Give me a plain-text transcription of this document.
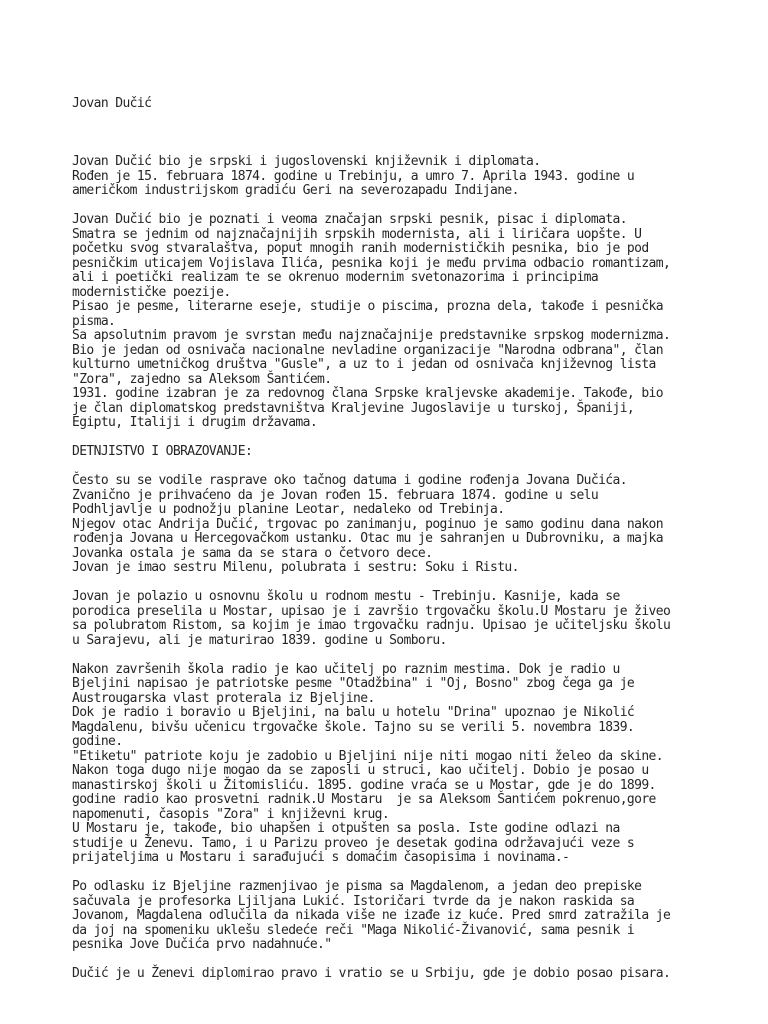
Jovan Dučić

Jovan Dučić bio je srpski i jugoslovenski književnik i diplomata.
Rođen je 15. februara 1874. godine u Trebinju, a umro 7. Aprila 1943. godine u
američkom industrijskom gradiću Geri na severozapadu Indijane.
Jovan Dučić bio je poznati i veoma značajan srpski pesnik, pisac i diplomata.
Smatra se jednim od najznačajnijih srpskih modernista, ali i liričara uopšte. U
početku svog stvaralaštva, poput mnogih ranih modernističkih pesnika, bio je pod
pesničkim uticajem Vojislava Ilića, pesnika koji je među prvima odbacio romantizam,
ali i poetički realizam te se okrenuo modernim svetonazorima i principima
modernističke poezije.
Pisao je pesme, literarne eseje, studije o piscima, prozna dela, takođe i pesnička
pisma.
Sa apsolutnim pravom je svrstan među najznačajnije predstavnike srpskog modernizma.
Bio je jedan od osnivača nacionalne nevladine organizacije "Narodna odbrana", član
kulturno umetničkog društva "Gusle", a uz to i jedan od osnivača književnog lista
"Zora", zajedno sa Aleksom Šantićem.
1931. godine izabran je za redovnog člana Srpske kraljevske akademije. Takođe, bio
je član diplomatskog predstavništva Kraljevine Jugoslavije u turskoj, Španiji,
Egiptu, Italiji i drugim državama.
DETNJISTVO I OBRAZOVANJE:
Često su se vodile rasprave oko tačnog datuma i godine rođenja Jovana Dučića.
Zvanično je prihvaćeno da je Jovan rođen 15. februara 1874. godine u selu
Podhljavlje u podnožju planine Leotar, nedaleko od Trebinja.
Njegov otac Andrija Dučić, trgovac po zanimanju, poginuo je samo godinu dana nakon
rođenja Jovana u Hercegovačkom ustanku. Otac mu je sahranjen u Dubrovniku, a majka
Jovanka ostala je sama da se stara o četvoro dece.
Jovan je imao sestru Milenu, polubrata i sestru: Soku i Ristu.
Jovan je polazio u osnovnu školu u rodnom mestu - Trebinju. Kasnije, kada se
porodica preselila u Mostar, upisao je i završio trgovačku školu.U Mostaru je živeo
sa polubratom Ristom, sa kojim je imao trgovačku radnju. Upisao je učiteljsku školu
u Sarajevu, ali je maturirao 1839. godine u Somboru.
Nakon završenih škola radio je kao učitelj po raznim mestima. Dok je radio u
Bjeljini napisao je patriotske pesme "Otadžbina" i "Oj, Bosno" zbog čega ga je
Austrougarska vlast proterala iz Bjeljine.
Dok je radio i boravio u Bjeljini, na balu u hotelu "Drina" upoznao je Nikolić
Magdalenu, bivšu učenicu trgovačke škole. Tajno su se verili 5. novembra 1839.
godine.
"Etiketu" patriote koju je zadobio u Bjeljini nije niti mogao niti želeo da skine.
Nakon toga dugo nije mogao da se zaposli u struci, kao učitelj. Dobio je posao u
manastirskoj školi u Žitomisliću. 1895. godine vraća se u Mostar, gde je do 1899.
godine radio kao prosvetni radnik.U Mostaru  je sa Aleksom Šantićem pokrenuo,gore
napomenuti, časopis "Zora" i književni krug.
U Mostaru je, takođe, bio uhapšen i otpušten sa posla. Iste godine odlazi na
studije u Ženevu. Tamo, i u Parizu proveo je desetak godina održavajući veze s
prijateljima u Mostaru i sarađujući s domaćim časopisima i novinama.-
Po odlasku iz Bjeljine razmenjivao je pisma sa Magdalenom, a jedan deo prepiske
sačuvala je profesorka Ljiljana Lukić. Istoričari tvrde da je nakon raskida sa
Jovanom, Magdalena odlučila da nikada više ne izađe iz kuće. Pred smrd zatražila je
da joj na spomeniku uklešu sledeće reči "Maga Nikolić-Živanović, sama pesnik i
pesnika Jove Dučića prvo nadahnuće."
Dučić je u Ženevi diplomirao pravo i vratio se u Srbiju, gde je dobio posao pisara.
